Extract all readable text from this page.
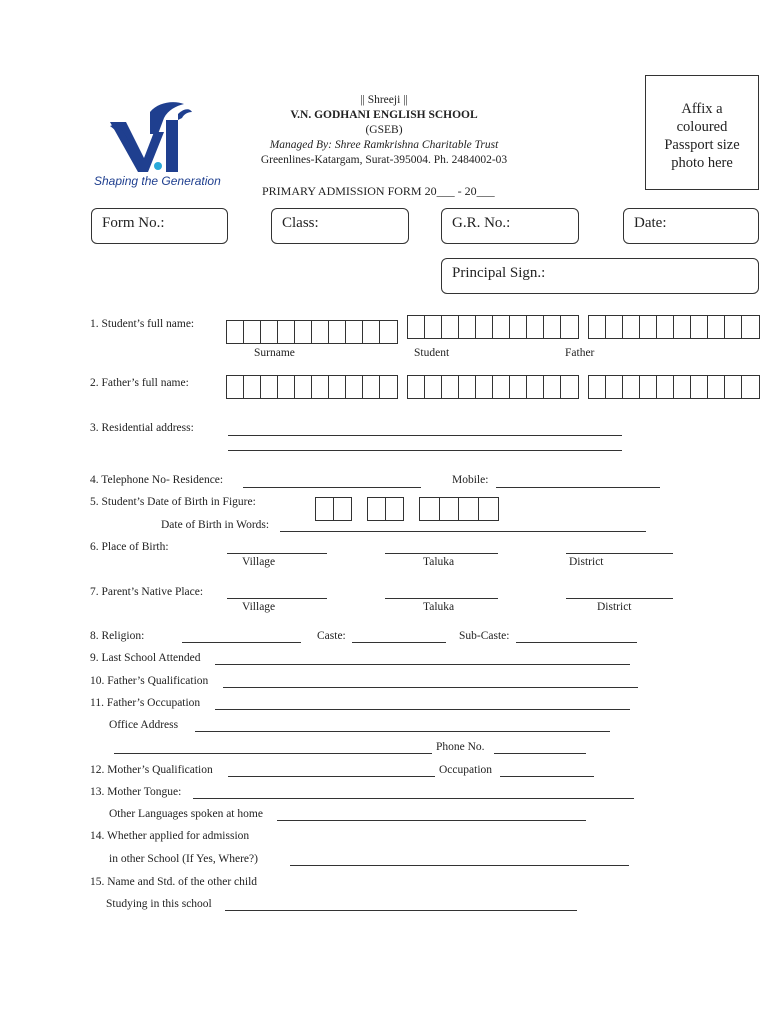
Shaping the Generation
|| Shreeji ||
V.N. GODHANI ENGLISH SCHOOL
(GSEB)
Managed By: Shree Ramkrishna Charitable Trust
Greenlines-Katargam, Surat-395004. Ph. 2484002-03
PRIMARY ADMISSION FORM 20___ - 20___
Affix a
coloured
Passport size
photo here
Form No.:	Class:	G.R. No.:	Date:
Principal Sign.:
1. Student’s full name:
Surname	Student	Father
2. Father’s full name:
3. Residential address:
4. Telephone No- Residence:	Mobile:
5. Student’s Date of Birth in Figure:
Date of Birth in Words:
6. Place of Birth:
Village	Taluka	District
7. Parent’s Native Place:
Village	Taluka	District
8. Religion:	Caste:	Sub-Caste:
9. Last School Attended
10. Father’s Qualification
11. Father’s Occupation
Office Address
Phone No.
12. Mother’s Qualification	Occupation
13. Mother Tongue:
Other Languages spoken at home
14. Whether applied for admission
in other School (If Yes, Where?)
15. Name and Std. of the other child
Studying in this school
